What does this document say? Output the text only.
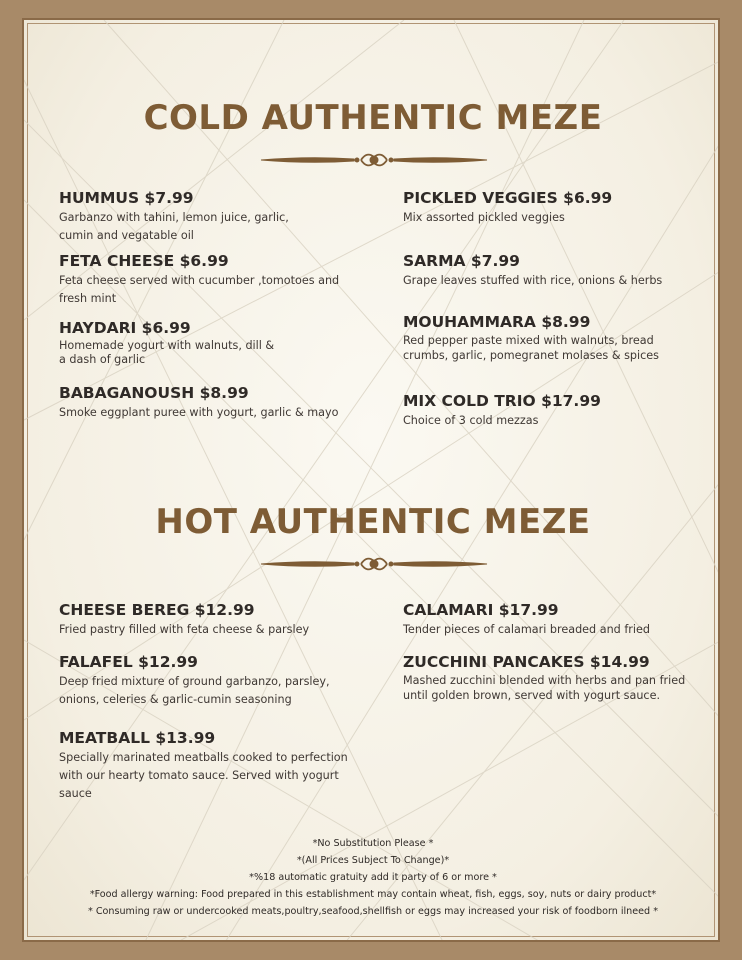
COLD AUTHENTIC MEZE
HUMMUS $7.99
Garbanzo with tahini, lemon juice, garlic, cumin and vegatable oil
FETA CHEESE $6.99
Feta cheese served with cucumber ,tomotoes and fresh mint
HAYDARI $6.99
Homemade yogurt with walnuts, dill & a dash of garlic
BABAGANOUSH $8.99
Smoke eggplant puree with yogurt, garlic & mayo
PICKLED VEGGIES $6.99
Mix assorted pickled veggies
SARMA $7.99
Grape leaves stuffed with rice, onions & herbs
MOUHAMMARA $8.99
Red pepper paste mixed with walnuts, bread crumbs, garlic, pomegranet molases & spices
MIX COLD TRIO $17.99
Choice of 3 cold mezzas
HOT AUTHENTIC MEZE
CHEESE BEREG $12.99
Fried pastry filled with feta cheese & parsley
FALAFEL $12.99
Deep fried mixture of ground garbanzo, parsley, onions, celeries & garlic-cumin seasoning
MEATBALL $13.99
Specially marinated meatballs cooked to perfection with our hearty tomato sauce. Served with yogurt sauce
CALAMARI $17.99
Tender pieces of calamari breaded and fried
ZUCCHINI PANCAKES $14.99
Mashed zucchini blended with herbs and pan fried until golden brown, served with yogurt sauce.
*No Substitution Please *
*(All Prices Subject To Change)*
*%18 automatic gratuity add it party of 6 or more *
*Food allergy warning: Food prepared in this establishment may contain wheat, fish, eggs, soy, nuts or dairy product*
* Consuming raw or undercooked meats,poultry,seafood,shellfish or eggs may increased your risk of foodborn ilneed *
